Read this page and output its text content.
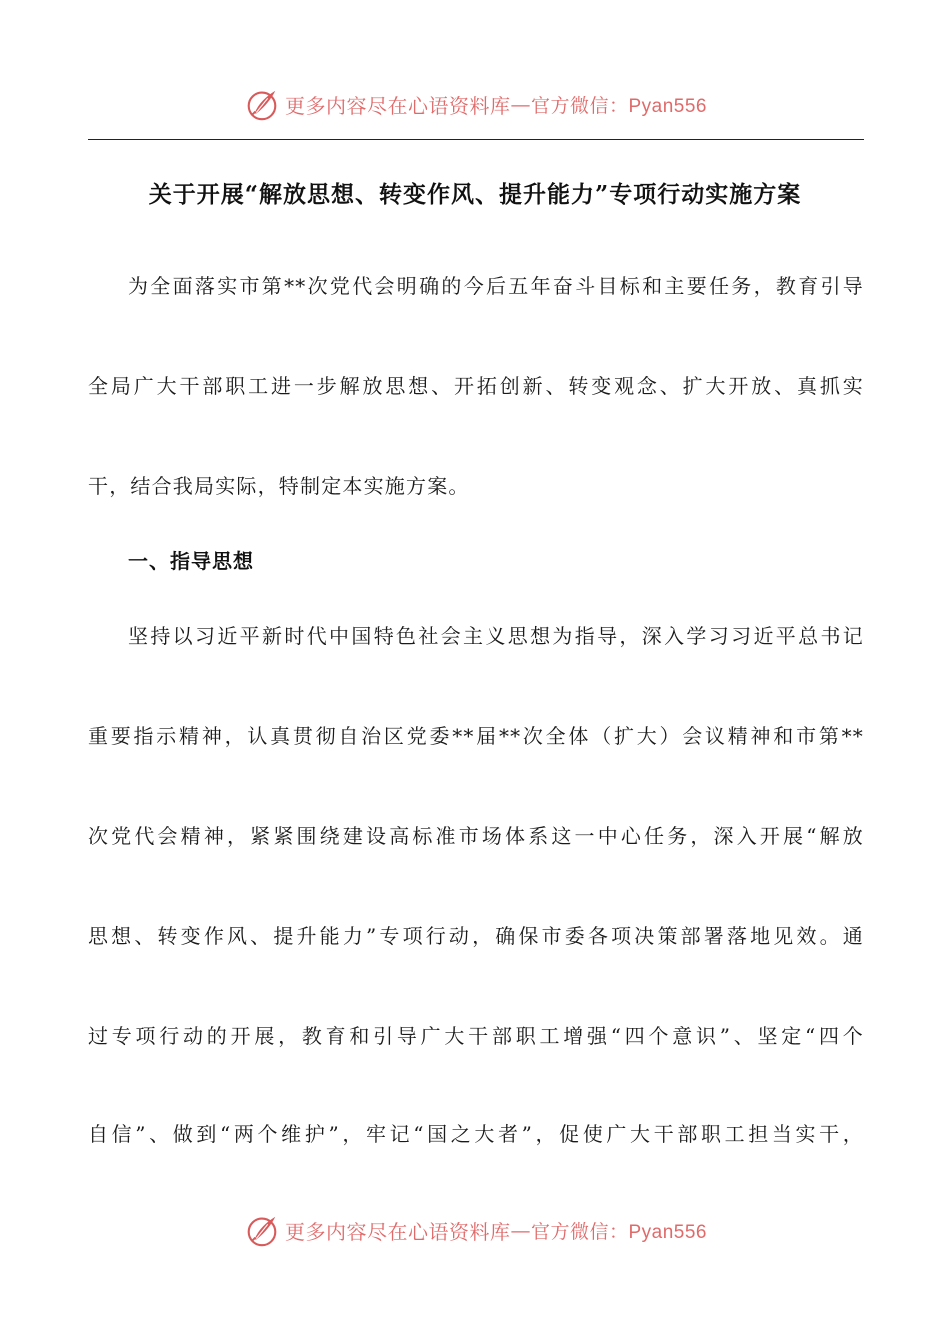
更多内容尽在心语资料库 — 官方微信：Pyan556
关于开展“解放思想、转变作风、提升能力”专项行动实施方案
为全面落实市第**次党代会明确的今后五年奋斗目标和主要任务，教育引导
全局广大干部职工进一步解放思想、开拓创新、转变观念、扩大开放、真抓实
干，结合我局实际，特制定本实施方案。
一、指导思想
坚持以习近平新时代中国特色社会主义思想为指导，深入学习习近平总书记
重要指示精神，认真贯彻自治区党委**届**次全体（扩大）会议精神和市第**
次党代会精神，紧紧围绕建设高标准市场体系这一中心任务，深入开展“解放
思想、转变作风、提升能力”专项行动，确保市委各项决策部署落地见效。通
过专项行动的开展，教育和引导广大干部职工增强“四个意识”、坚定“四个
自信”、做到“两个维护”，牢记“国之大者”，促使广大干部职工担当实干，
更多内容尽在心语资料库 — 官方微信：Pyan556
